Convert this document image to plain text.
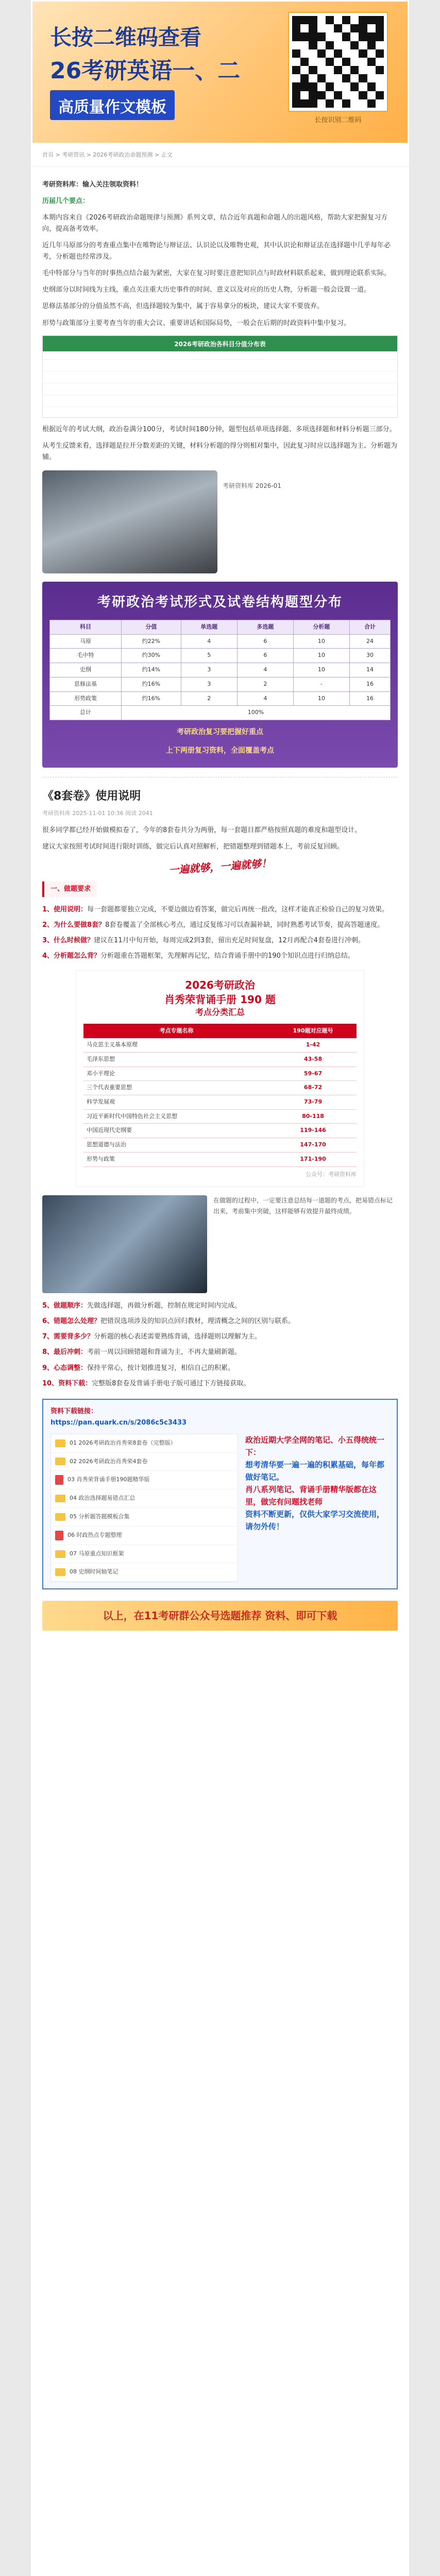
长按二维码查看
26考研英语一、二
高质量作文模板
长按识别二维码
首页 > 考研资讯 > 2026考研政治命题预测 > 正文

考研资料库：输入关注领取资料！

历届几个要点：

本期内容来自《2026考研政治命题规律与预测》系列文章，结合近年真题和命题人的出题风格，帮助大家把握复习方向，提高备考效率。

近几年马原部分的考查重点集中在唯物论与辩证法、认识论以及唯物史观，其中认识论和辩证法在选择题中几乎每年必考，分析题也经常涉及。

毛中特部分与当年的时事热点结合最为紧密，大家在复习时要注意把知识点与时政材料联系起来，做到理论联系实际。

史纲部分以时间线为主线，重点关注重大历史事件的时间、意义以及对应的历史人物，分析题一般会设置一道。

思修法基部分的分值虽然不高，但选择题较为集中，属于容易拿分的板块，建议大家不要放弃。

形势与政策部分主要考查当年的重大会议、重要讲话和国际局势，一般会在后期的时政资料中集中复习。

2026考研政治各科目分值分布表

根据近年的考试大纲，政治卷满分100分，考试时间180分钟，题型包括单项选择题、多项选择题和材料分析题三部分。

从考生反馈来看，选择题是拉开分数差距的关键，材料分析题的得分则相对集中，因此复习时应以选择题为主、分析题为辅。

考研资料库 2026-01
考研政治考试形式及试卷结构题型分布
科目	分值	单选题	多选题	分析题	合计
马原	约22%	4	6	10	24
毛中特	约30%	5	6	10	30
史纲	约14%	3	4	10	14
思修法基	约16%	3	2	-	16
形势政策	约16%	2	4	10	16
总计	100%				
考研政治复习要把握好重点
上下两册复习资料，全面覆盖考点
《8套卷》使用说明
考研资料库 2025-11-01 10:36 阅读 2041

很多同学都已经开始做模拟卷了，今年的8套卷共分为两册，每一套题目都严格按照真题的难度和题型设计。

建议大家按照考试时间进行限时训练，做完后认真对照解析，把错题整理到错题本上，考前反复回顾。

一遍就够，一遍就够！
一、做题要求

1、使用说明：每一套题都要独立完成，不要边做边看答案，做完后再统一批改，这样才能真正检验自己的复习效果。

2、为什么要做8套？8套卷覆盖了全部核心考点，通过反复练习可以查漏补缺，同时熟悉考试节奏，提高答题速度。

3、什么时候做？建议在11月中旬开始，每周完成2到3套，留出充足时间复盘，12月再配合4套卷进行冲刺。

4、分析题怎么背？分析题重在答题框架，先理解再记忆，结合背诵手册中的190个知识点进行归纳总结。

2026考研政治
肖秀荣背诵手册 190 题
考点分类汇总
考点专题名称	190题对应题号
马克思主义基本原理	1-42
毛泽东思想	43-58
邓小平理论	59-67
三个代表重要思想	68-72
科学发展观	73-79
习近平新时代中国特色社会主义思想	80-118
中国近现代史纲要	119-146
思想道德与法治	147-170
形势与政策	171-190
公众号：考研资料库
在做题的过程中，一定要注意总结每一道题的考点，把易错点标记出来，考前集中突破，这样能够有效提升最终成绩。

5、做题顺序：先做选择题，再做分析题，控制在规定时间内完成。

6、错题怎么处理？把错误选项涉及的知识点回归教材，理清概念之间的区别与联系。

7、需要背多少？分析题的核心表述需要熟练背诵，选择题则以理解为主。

8、最后冲刺：考前一周以回顾错题和背诵为主，不再大量刷新题。

9、心态调整：保持平常心，按计划推进复习，相信自己的积累。

10、资料下载：完整版8套卷及背诵手册电子版可通过下方链接获取。

资料下载链接：
https://pan.quark.cn/s/2086c5c3433
01 2026考研政治肖秀荣8套卷（完整版）
02 2026考研政治肖秀荣4套卷
03 肖秀荣背诵手册190题精华版
04 政治选择题易错点汇总
05 分析题答题模板合集
06 时政热点专题整理
07 马原重点知识框架
08 史纲时间轴笔记

政治近期大学全网的笔记、小五得统统一下：

想考清华要一遍一遍的积累基础，每年都做好笔记。

肖八系列笔记、背诵手册精华版都在这里，做完有问题找老师

资料不断更新，仅供大家学习交流使用，请勿外传！

以上，在11考研群公众号选题推荐 资料、即可下载
